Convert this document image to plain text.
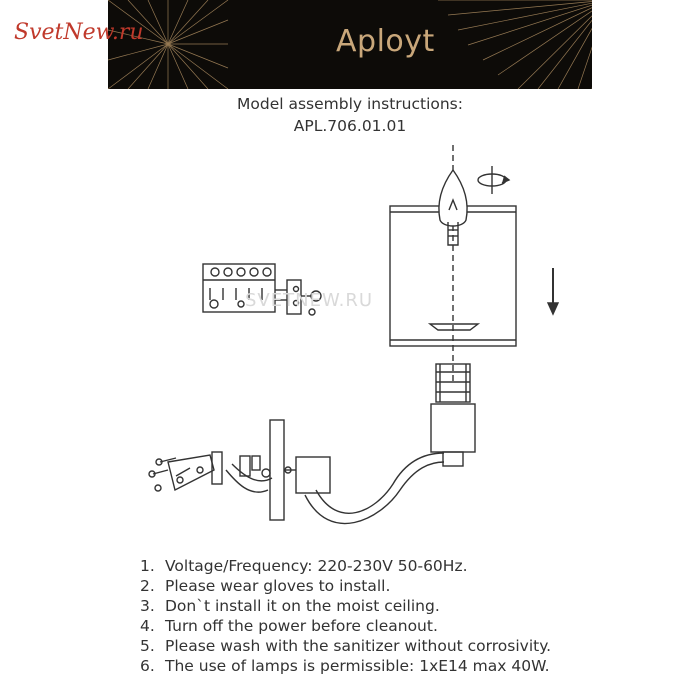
Aployt
SvetNew.ru
Model assembly instructions:
APL.706.01.01
SVETNEW.RU
1. Voltage/Frequency: 220-230V 50-60Hz.
2. Please wear gloves to install.
3. Don`t install it on the moist ceiling.
4. Turn off the power before cleanout.
5. Please wash with the sanitizer without corrosivity.
6. The use of lamps is permissible: 1xE14 max 40W.
